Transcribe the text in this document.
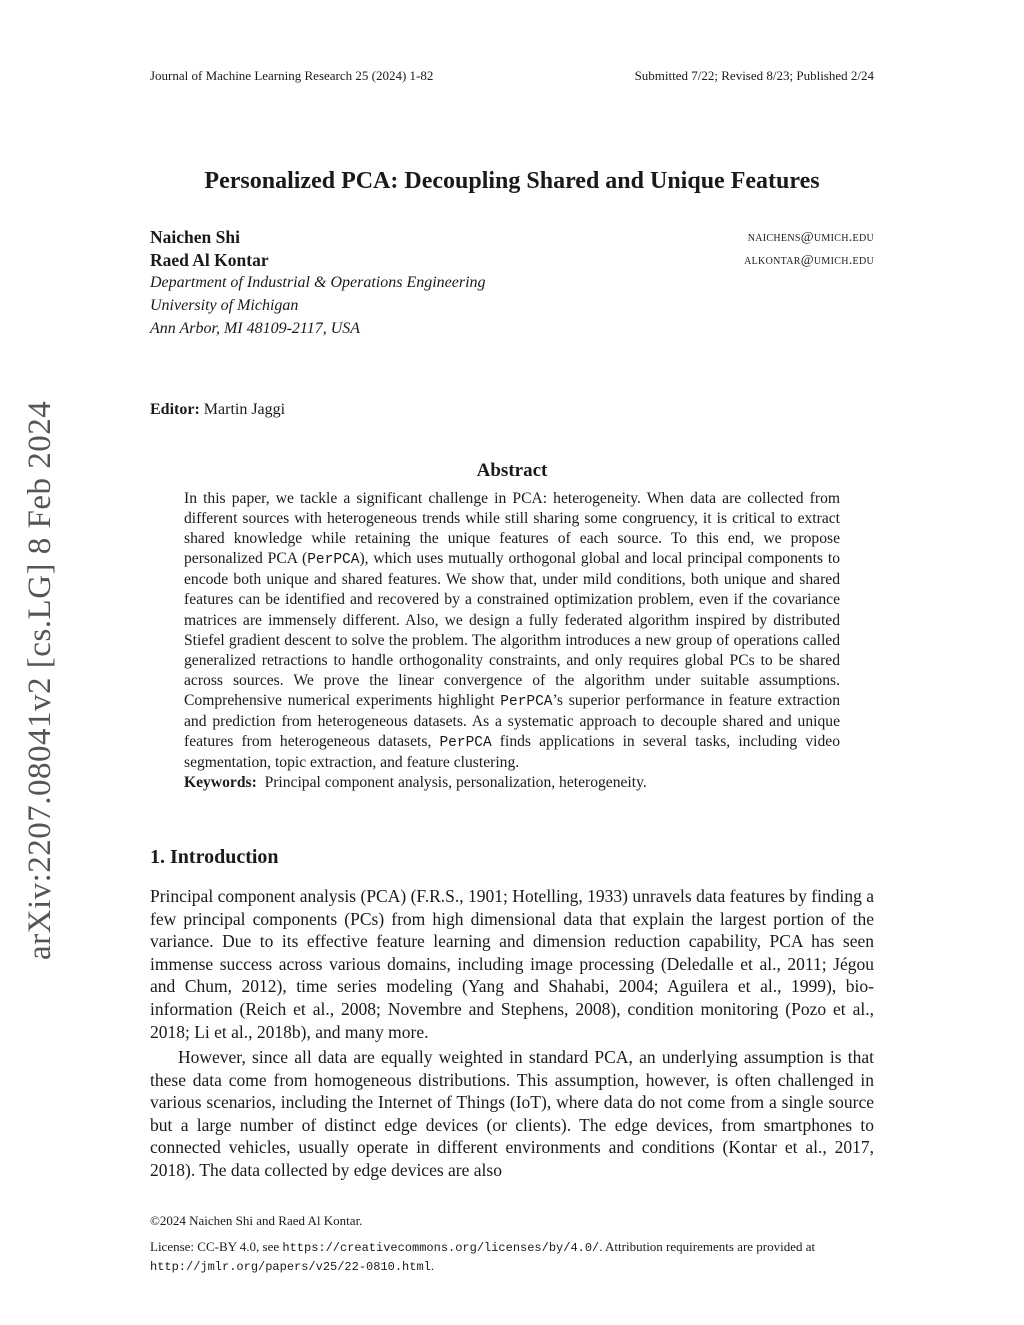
Journal of Machine Learning Research 25 (2024) 1-82	Submitted 7/22; Revised 8/23; Published 2/24
Personalized PCA: Decoupling Shared and Unique Features
Naichen Shi	naichens@umich.edu
Raed Al Kontar	alkontar@umich.edu
Department of Industrial & Operations Engineering
University of Michigan
Ann Arbor, MI 48109-2117, USA
Editor: Martin Jaggi
arXiv:2207.08041v2 [cs.LG] 8 Feb 2024	Abstract
In this paper, we tackle a significant challenge in PCA: heterogeneity. When data are collected from different sources with heterogeneous trends while still sharing some congruency, it is critical to extract shared knowledge while retaining the unique features of each source. To this end, we propose personalized PCA (PerPCA), which uses mutually orthogonal global and local principal components to encode both unique and shared features. We show that, under mild conditions, both unique and shared features can be identified and recovered by a constrained optimization problem, even if the covariance matrices are immensely different. Also, we design a fully federated algorithm inspired by distributed Stiefel gradient descent to solve the problem. The algorithm introduces a new group of operations called generalized retractions to handle orthogonality constraints, and only requires global PCs to be shared across sources. We prove the linear convergence of the algorithm under suitable assumptions. Comprehensive numerical experiments highlight PerPCA’s superior performance in feature extraction and prediction from heterogeneous datasets. As a systematic approach to decouple shared and unique features from heterogeneous datasets, PerPCA finds applications in several tasks, including video segmentation, topic extraction, and feature clustering.
Keywords: Principal component analysis, personalization, heterogeneity.
1. Introduction
Principal component analysis (PCA) (F.R.S., 1901; Hotelling, 1933) unravels data features by finding a few principal components (PCs) from high dimensional data that explain the largest portion of the variance. Due to its effective feature learning and dimension reduction capability, PCA has seen immense success across various domains, including image processing (Deledalle et al., 2011; Jégou and Chum, 2012), time series modeling (Yang and Shahabi, 2004; Aguilera et al., 1999), bio-information (Reich et al., 2008; Novembre and Stephens, 2008), condition monitoring (Pozo et al., 2018; Li et al., 2018b), and many more.
However, since all data are equally weighted in standard PCA, an underlying assumption is that these data come from homogeneous distributions. This assumption, however, is often challenged in various scenarios, including the Internet of Things (IoT), where data do not come from a single source but a large number of distinct edge devices (or clients). The edge devices, from smartphones to connected vehicles, usually operate in different environments and conditions (Kontar et al., 2017, 2018). The data collected by edge devices are also
©2024 Naichen Shi and Raed Al Kontar.
License: CC-BY 4.0, see https://creativecommons.org/licenses/by/4.0/. Attribution requirements are provided at http://jmlr.org/papers/v25/22-0810.html.
